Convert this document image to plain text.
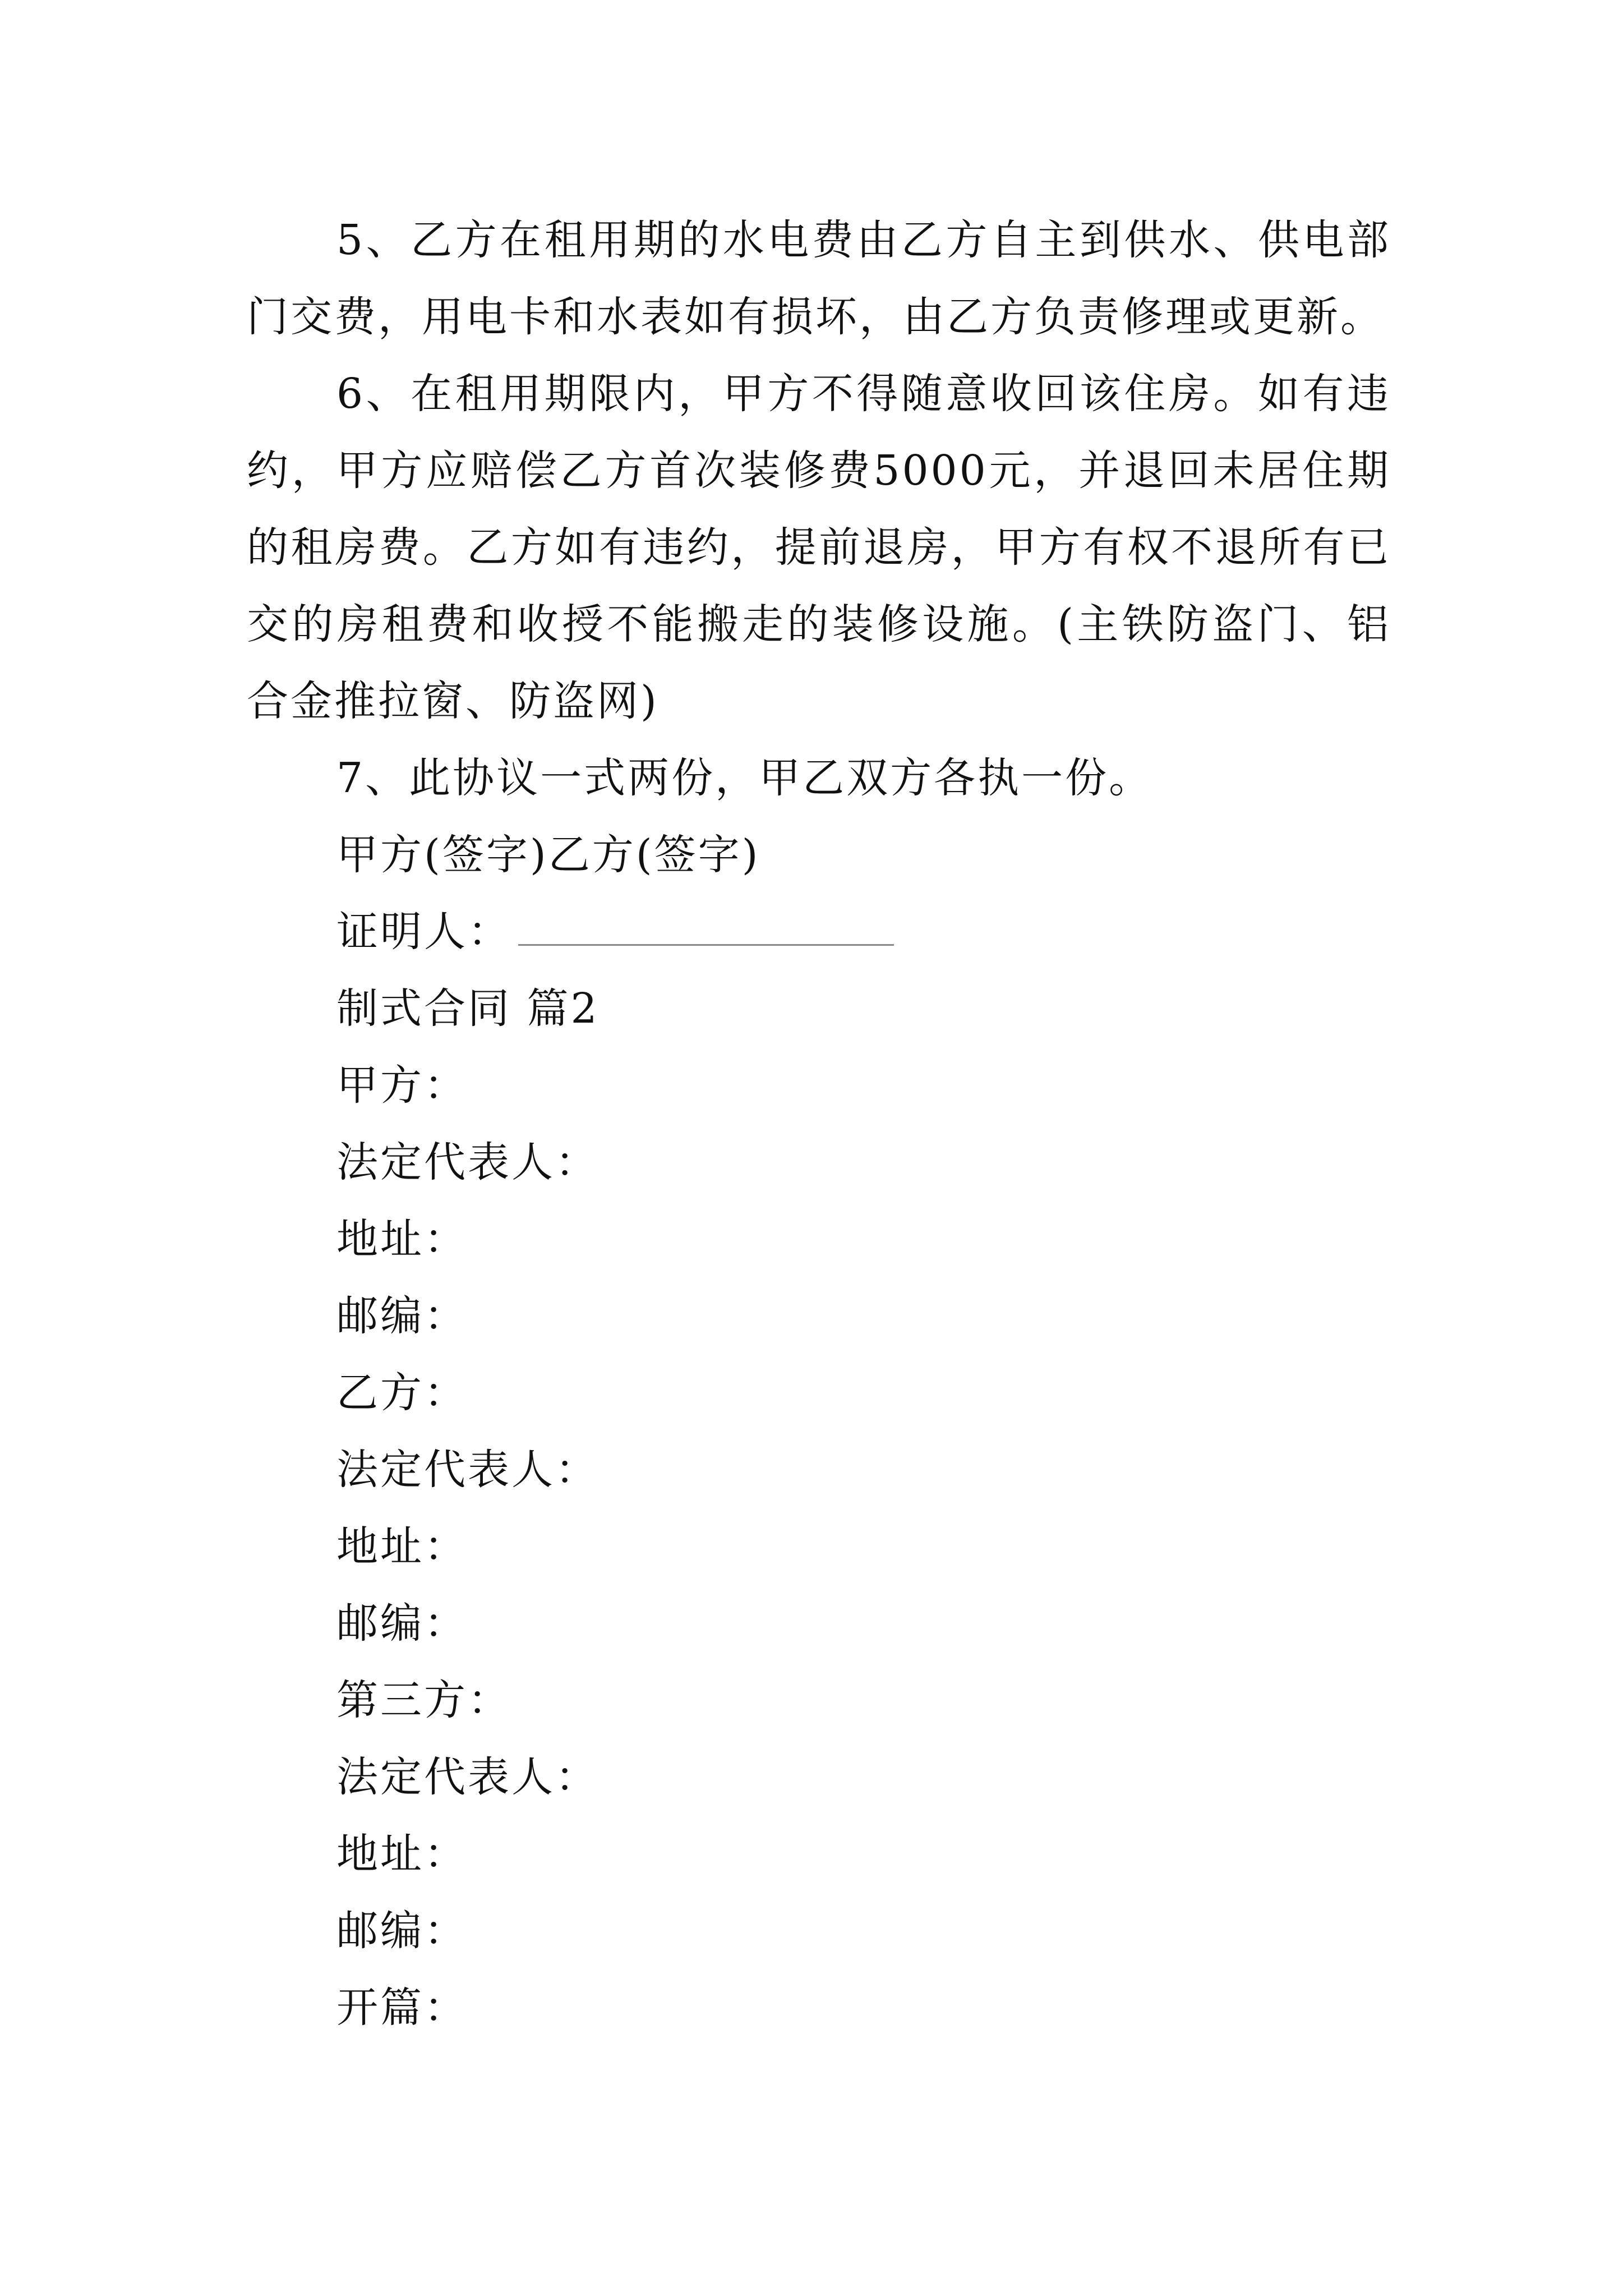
5、乙方在租用期的水电费由乙方自主到供水、供电部门交费，用电卡和水表如有损坏，由乙方负责修理或更新。

6、在租用期限内，甲方不得随意收回该住房。如有违约，甲方应赔偿乙方首次装修费5000元，并退回未居住期的租房费。乙方如有违约，提前退房，甲方有权不退所有已交的房租费和收授不能搬走的装修设施。(主铁防盗门、铝合金推拉窗、防盗网)

7、此协议一式两份，甲乙双方各执一份。

甲方(签字)乙方(签字)

证明人：

制式合同 篇2

甲方：

法定代表人：

地址：

邮编：

乙方：

法定代表人：

地址：

邮编：

第三方：

法定代表人：

地址：

邮编：

开篇：
